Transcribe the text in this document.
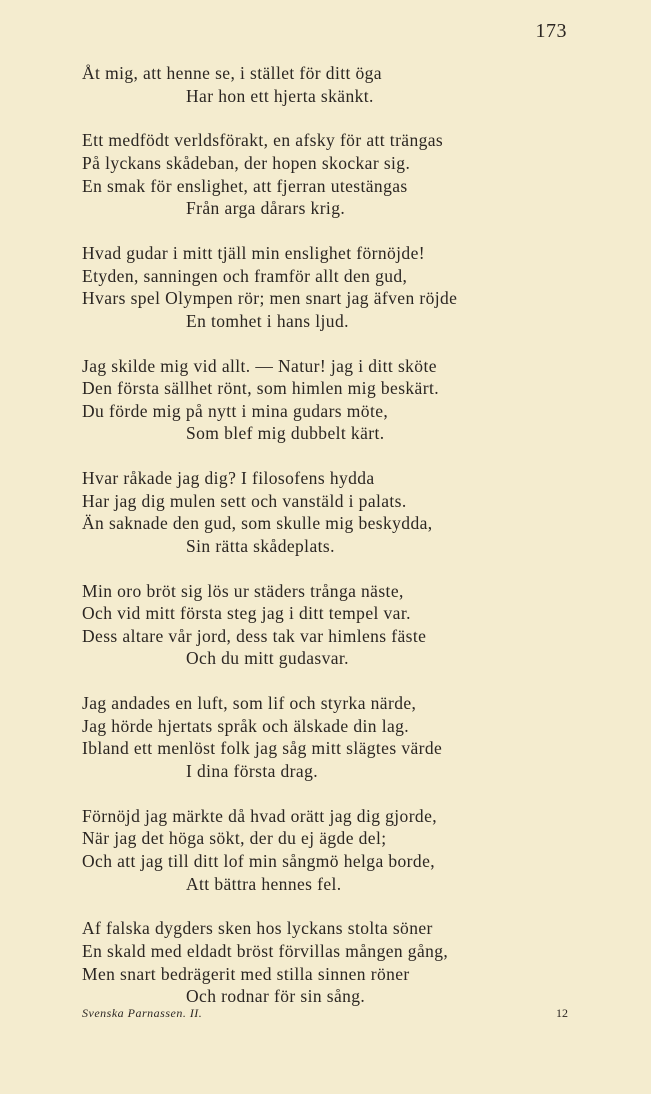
173
Åt mig, att henne se, i stället för ditt öga
Har hon ett hjerta skänkt.
Ett medfödt verldsförakt, en afsky för att trängas
På lyckans skådeban, der hopen skockar sig.
En smak för enslighet, att fjerran utestängas
Från arga dårars krig.
Hvad gudar i mitt tjäll min enslighet förnöjde!
Etyden, sanningen och framför allt den gud,
Hvars spel Olympen rör; men snart jag äfven röjde
En tomhet i hans ljud.
Jag skilde mig vid allt. — Natur! jag i ditt sköte
Den första sällhet rönt, som himlen mig beskärt.
Du förde mig på nytt i mina gudars möte,
Som blef mig dubbelt kärt.
Hvar råkade jag dig? I filosofens hydda
Har jag dig mulen sett och vanstäld i palats.
Än saknade den gud, som skulle mig beskydda,
Sin rätta skådeplats.
Min oro bröt sig lös ur städers trånga näste,
Och vid mitt första steg jag i ditt tempel var.
Dess altare vår jord, dess tak var himlens fäste
Och du mitt gudasvar.
Jag andades en luft, som lif och styrka närde,
Jag hörde hjertats språk och älskade din lag.
Ibland ett menlöst folk jag såg mitt slägtes värde
I dina första drag.
Förnöjd jag märkte då hvad orätt jag dig gjorde,
När jag det höga sökt, der du ej ägde del;
Och att jag till ditt lof min sångmö helga borde,
Att bättra hennes fel.
Af falska dygders sken hos lyckans stolta söner
En skald med eldadt bröst förvillas mången gång,
Men snart bedrägerit med stilla sinnen röner
Och rodnar för sin sång.
Svenska Parnassen. II.	12
